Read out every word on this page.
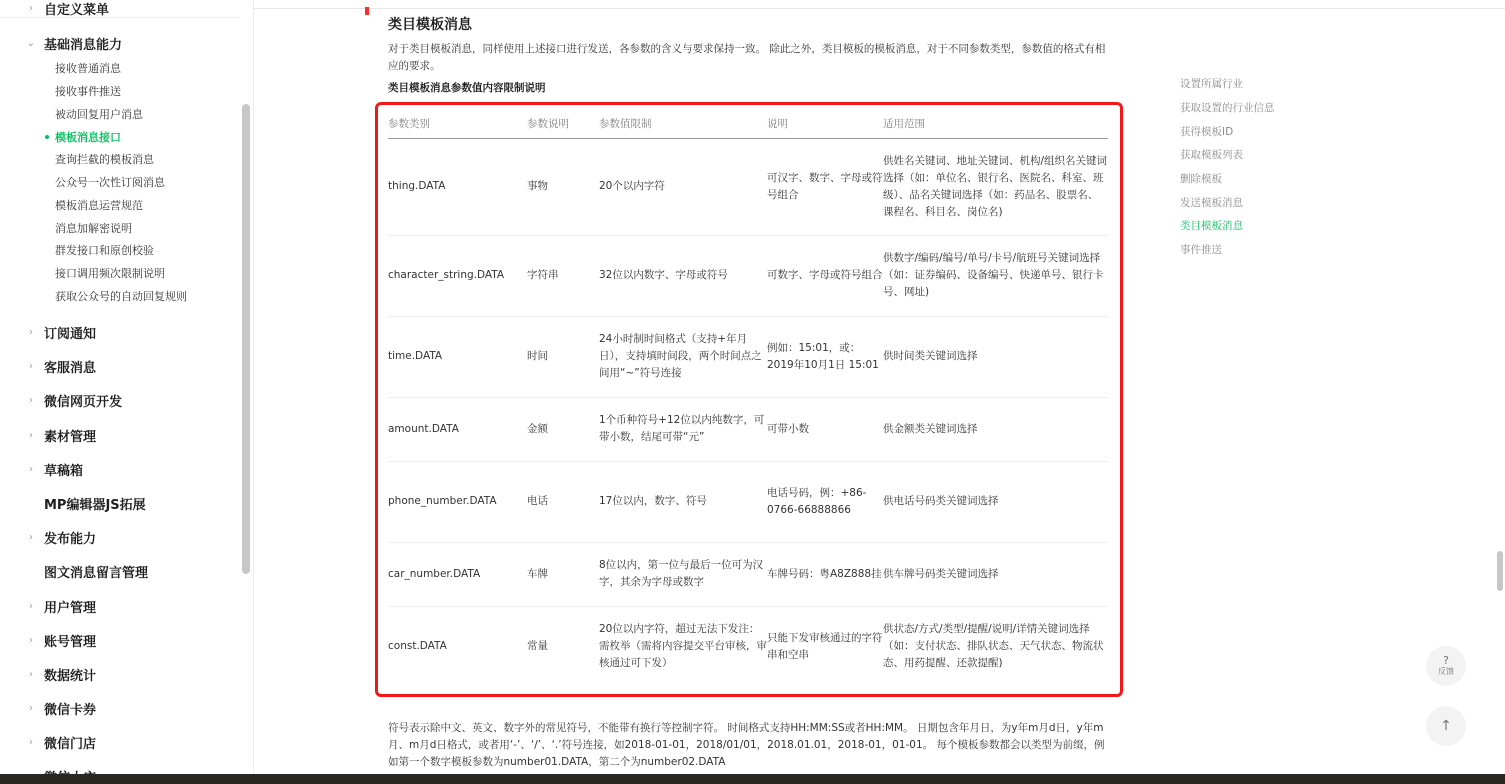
› 自定义菜单
⌄ 基础消息能力
接收普通消息
接收事件推送
被动回复用户消息
模板消息接口
查询拦截的模板消息
公众号一次性订阅消息
模板消息运营规范
消息加解密说明
群发接口和原创校验
接口调用频次限制说明
获取公众号的自动回复规则
› 订阅通知
› 客服消息
› 微信网页开发
› 素材管理
› 草稿箱
MP编辑器JS拓展
› 发布能力
图文消息留言管理
› 用户管理
› 账号管理
› 数据统计
› 微信卡券
› 微信门店
类目模板消息
对于类目模板消息，同样使用上述接口进行发送，各参数的含义与要求保持一致。 除此之外，类目模板的模板消息，对于不同参数类型，参数值的格式有相应的要求。
类目模板消息参数值内容限制说明
参数类别	参数说明	参数值限制	说明	适用范围
thing.DATA	事物	20个以内字符	可汉字、数字、字母或符号组合	供姓名关键词、地址关键词、机构/组织名关键词选择（如：单位名、银行名、医院名、科室、班级）、品名关键词选择（如：药品名、股票名、课程名、科目名、岗位名)
character_string.DATA	字符串	32位以内数字、字母或符号	可数字、字母或符号组合	供数字/编码/编号/单号/卡号/航班号关键词选择（如：证券编码、设备编号、快递单号、银行卡号、网址)
time.DATA	时间	24小时制时间格式（支持+年月日），支持填时间段，两个时间点之间用“~”符号连接	例如：15:01，或：2019年10月1日 15:01	供时间类关键词选择
amount.DATA	金额	1个币种符号+12位以内纯数字，可带小数，结尾可带“元”	可带小数	供金额类关键词选择
phone_number.DATA	电话	17位以内，数字、符号	电话号码，例：+86-0766-66888866	供电话号码类关键词选择
car_number.DATA	车牌	8位以内，第一位与最后一位可为汉字，其余为字母或数字	车牌号码：粤A8Z888挂	供车牌号码类关键词选择
const.DATA	常量	20位以内字符，超过无法下发注：需枚举（需将内容提交平台审核，审核通过可下发）	只能下发审核通过的字符串和空串	供状态/方式/类型/提醒/说明/详情关键词选择（如：支付状态、排队状态、天气状态、物流状态、用药提醒、还款提醒)
符号表示除中文、英文、数字外的常见符号，不能带有换行等控制字符。 时间格式支持HH:MM:SS或者HH:MM。 日期包含年月日，为y年m月d日，y年m月、m月d日格式，或者用‘-’、‘/’、‘.’符号连接，如2018-01-01，2018/01/01，2018.01.01，2018-01，01-01。 每个模板参数都会以类型为前缀，例如第一个数字模板参数为number01.DATA，第二个为number02.DATA
设置所属行业
获取设置的行业信息
获得模板ID
获取模板列表
删除模板
发送模板消息
类目模板消息
事件推送
?
反馈
↑
